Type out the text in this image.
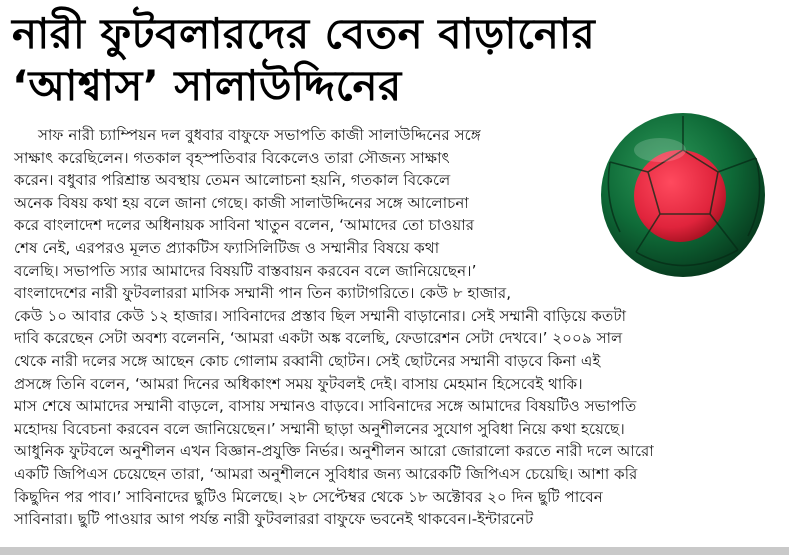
নারী ফুটবলারদের বেতন বাড়ানোর
‘আশ্বাস’ সালাউদ্দিনের
সাফ নারী চ্যাম্পিয়ন দল বুধবার বাফুফে সভাপতি কাজী সালাউদ্দিনের সঙ্গে
সাক্ষাৎ করেছিলেন। গতকাল বৃহস্পতিবার বিকেলেও তারা সৌজন্য সাক্ষাৎ
করেন। বধুবার পরিশ্রান্ত অবস্থায় তেমন আলোচনা হয়নি, গতকাল বিকেলে
অনেক বিষয় কথা হয় বলে জানা গেছে। কাজী সালাউদ্দিনের সঙ্গে আলোচনা
করে বাংলাদেশ দলের অধিনায়ক সাবিনা খাতুন বলেন, ‘আমাদের তো চাওয়ার
শেষ নেই, এরপরও মূলত প্র্যাকটিস ফ্যাসিলিটিজ ও সম্মানীর বিষয়ে কথা
বলেছি। সভাপতি স্যার আমাদের বিষয়টি বাস্তবায়ন করবেন বলে জানিয়েছেন।’
বাংলাদেশের নারী ফুটবলাররা মাসিক সম্মানী পান তিন ক্যাটাগরিতে। কেউ ৮ হাজার,
কেউ ১০ আবার কেউ ১২ হাজার। সাবিনাদের প্রস্তাব ছিল সম্মানী বাড়ানোর। সেই সম্মানী বাড়িয়ে কতটা
দাবি করেছেন সেটা অবশ্য বলেননি, ‘আমরা একটা অঙ্ক বলেছি, ফেডারেশন সেটা দেখবে।’ ২০০৯ সাল
থেকে নারী দলের সঙ্গে আছেন কোচ গোলাম রব্বানী ছোটন। সেই ছোটনের সম্মানী বাড়বে কিনা এই
প্রসঙ্গে তিনি বলেন, ‘আমরা দিনের অধিকাংশ সময় ফুটবলই দেই। বাসায় মেহমান হিসেবেই থাকি।
মাস শেষে আমাদের সম্মানী বাড়লে, বাসায় সম্মানও বাড়বে। সাবিনাদের সঙ্গে আমাদের বিষয়টিও সভাপতি
মহোদয় বিবেচনা করবেন বলে জানিয়েছেন।’ সম্মানী ছাড়া অনুশীলনের সুযোগ সুবিধা নিয়ে কথা হয়েছে।
আধুনিক ফুটবলে অনুশীলন এখন বিজ্ঞান-প্রযুক্তি নির্ভর। অনুশীলন আরো জোরালো করতে নারী দলে আরো
একটি জিপিএস চেয়েছেন তারা, ‘আমরা অনুশীলনে সুবিধার জন্য আরেকটি জিপিএস চেয়েছি। আশা করি
কিছুদিন পর পাব।’ সাবিনাদের ছুটিও মিলেছে। ২৮ সেপ্টেম্বর থেকে ১৮ অক্টোবর ২০ দিন ছুটি পাবেন
সাবিনারা। ছুটি পাওয়ার আগ পর্যন্ত নারী ফুটবলাররা বাফুফে ভবনেই থাকবেন।-ইন্টারনেট
